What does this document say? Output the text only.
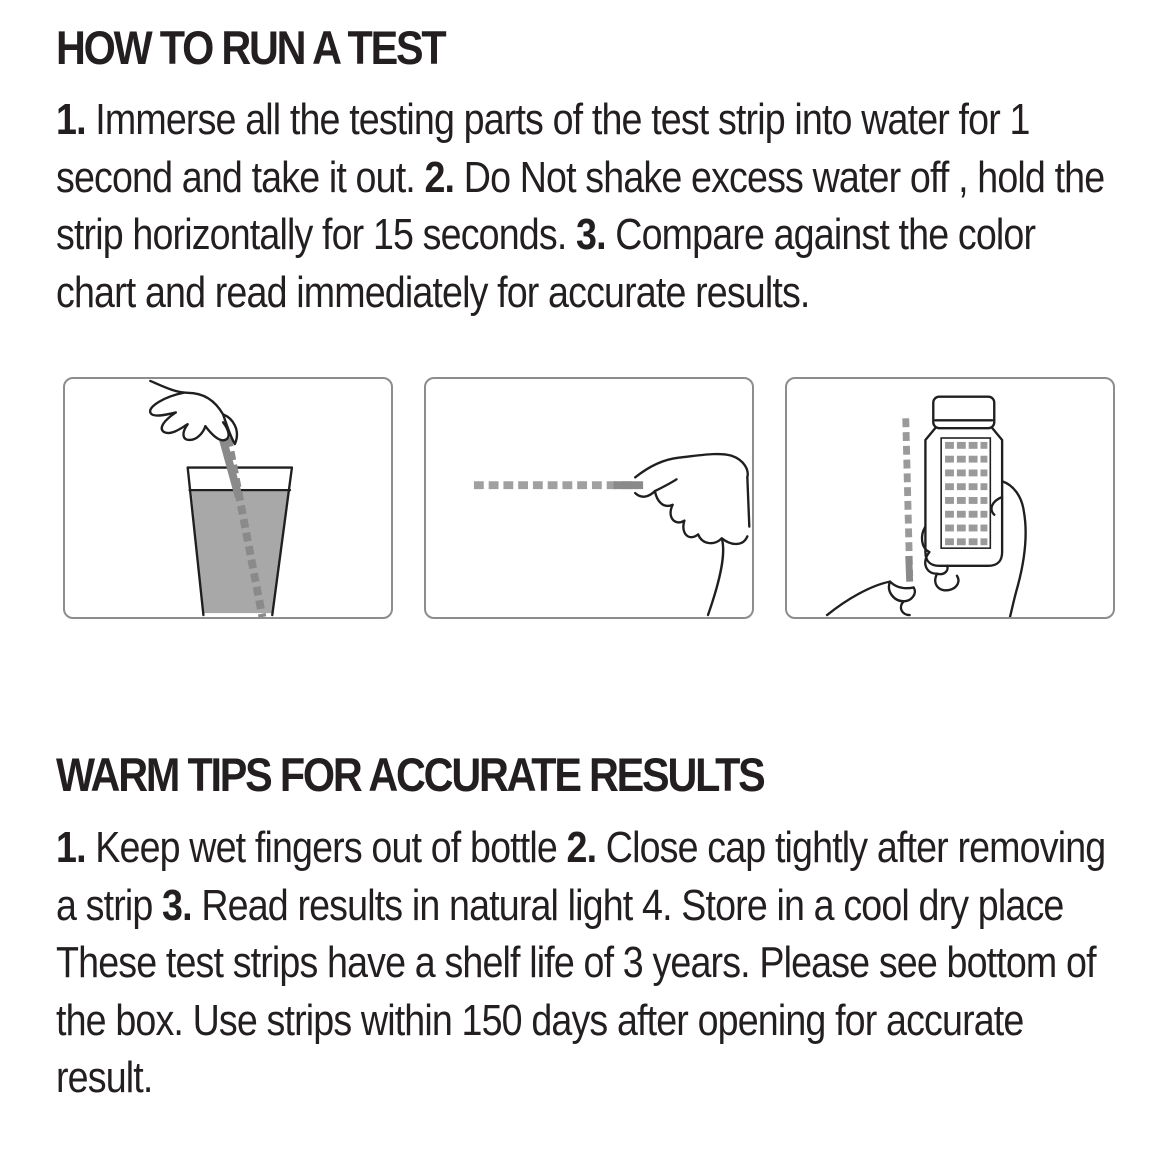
HOW TO RUN A TEST

1. Immerse all the testing parts of the test strip into water for 1 second and take it out. 2. Do Not shake excess water off , hold the strip horizontally for 15 seconds. 3. Compare against the color chart and read immediately for accurate results.

WARM TIPS FOR ACCURATE RESULTS
1. Keep wet fingers out of bottle 2. Close cap tightly after removing a strip 3. Read results in natural light 4. Store in a cool dry place
These test strips have a shelf life of 3 years. Please see bottom of the box. Use strips within 150 days after opening for accurate result.
